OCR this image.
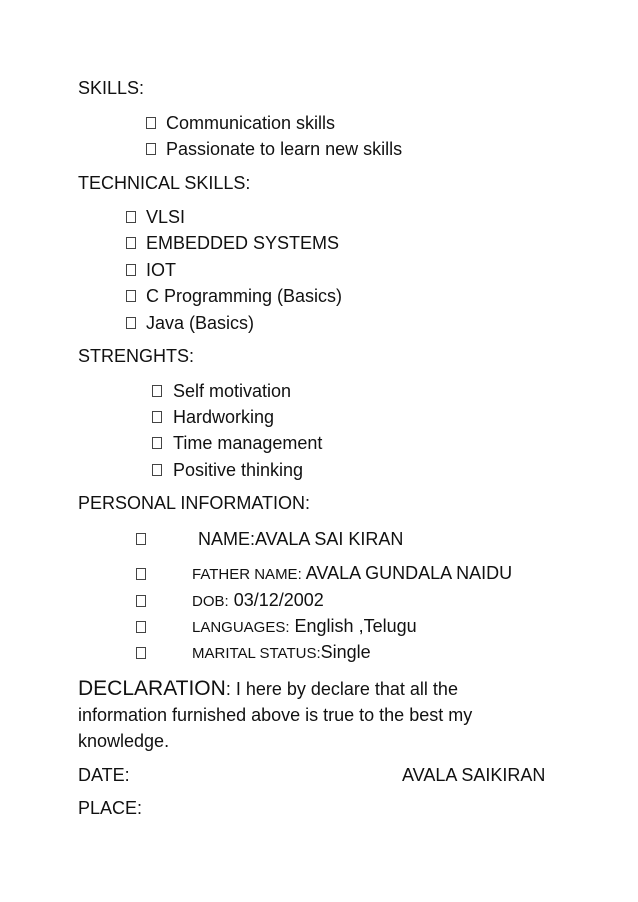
SKILLS:
Communication skills
Passionate to learn new skills
TECHNICAL SKILLS:
VLSI
EMBEDDED SYSTEMS
IOT
C Programming (Basics)
Java (Basics)
STRENGHTS:
Self motivation
Hardworking
Time management
Positive thinking
PERSONAL INFORMATION:
NAME:AVALA SAI KIRAN
FATHER NAME: AVALA GUNDALA NAIDU
DOB: 03/12/2002
LANGUAGES: English ,Telugu
MARITAL STATUS:Single
DECLARATION: I here by declare that all the
information furnished above is true to the best my
knowledge.
DATE:	AVALA SAIKIRAN
PLACE:
